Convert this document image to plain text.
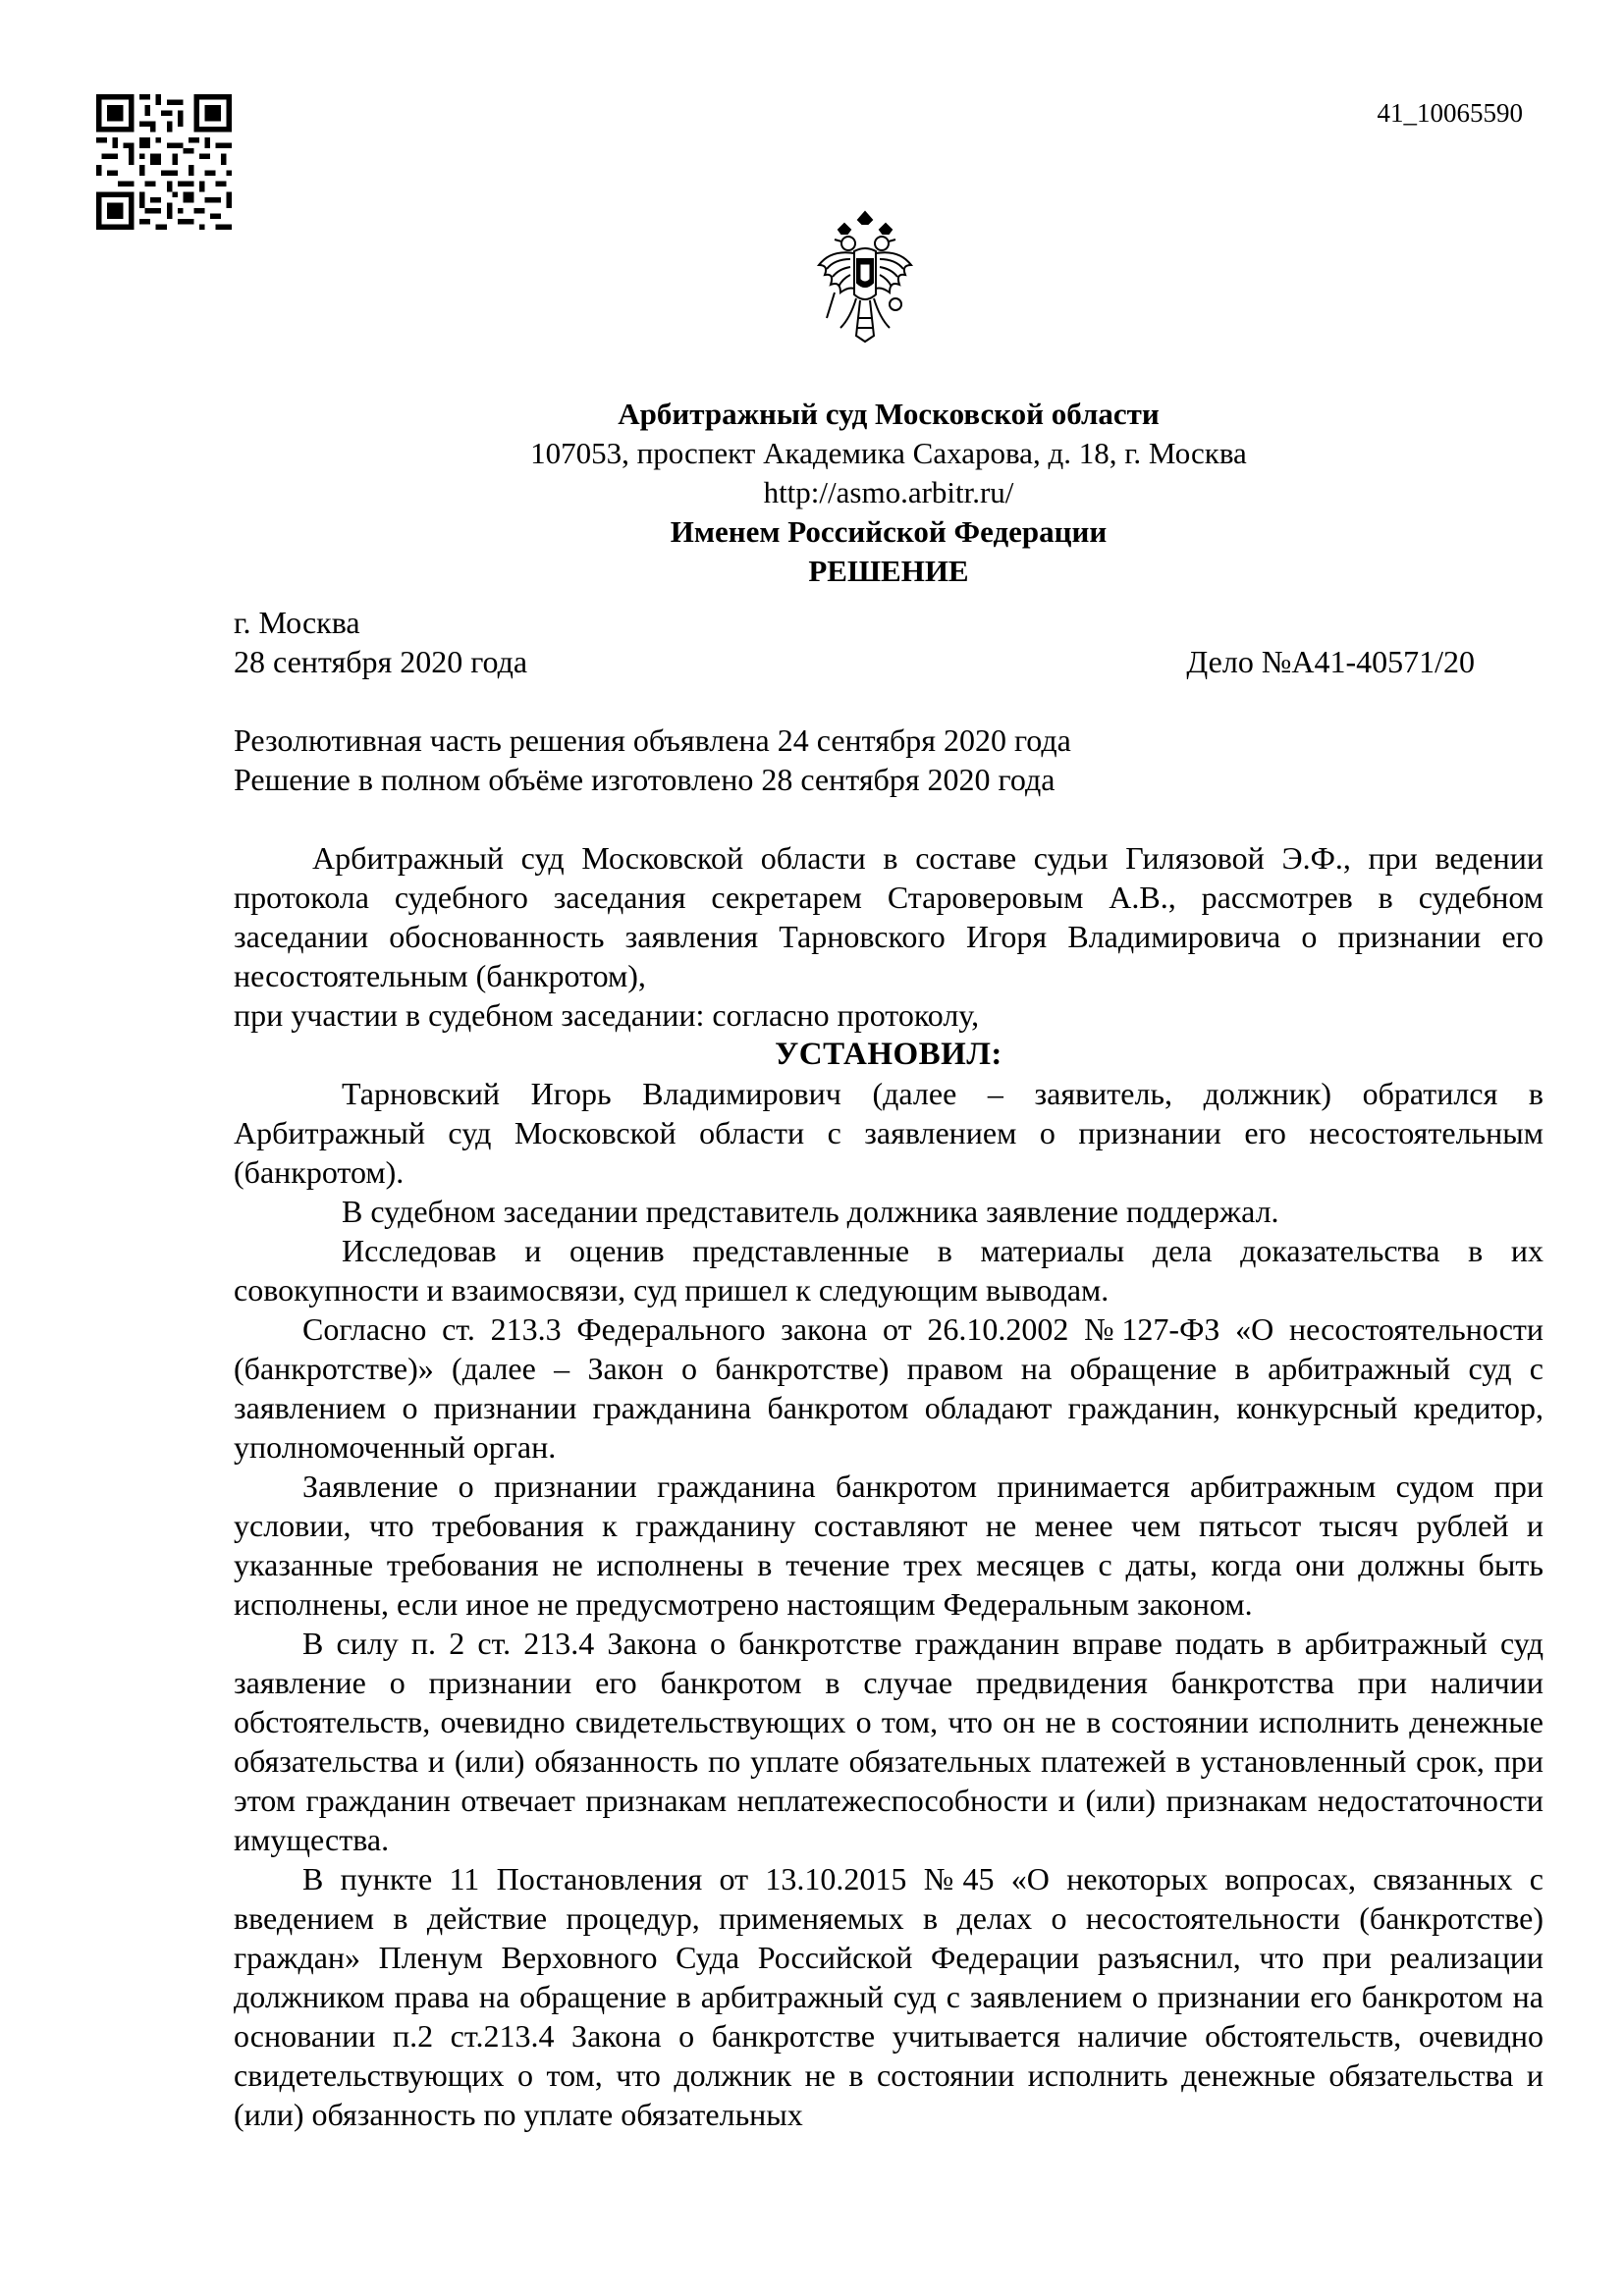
41_10065590
Арбитражный суд Московской области
107053, проспект Академика Сахарова, д. 18, г. Москва
http://asmo.arbitr.ru/
Именем Российской Федерации
РЕШЕНИЕ
г. Москва
28 сентября 2020 года	Дело №А41-40571/20
Резолютивная часть решения объявлена 24 сентября 2020 года
Решение в полном объёме изготовлено 28 сентября 2020 года

Арбитражный суд Московской области в составе судьи Гилязовой Э.Ф., при ведении протокола судебного заседания секретарем Староверовым А.В., рассмотрев в судебном заседании обоснованность заявления Тарновского Игоря Владимировича о признании его несостоятельным (банкротом),

при участии в судебном заседании: согласно протоколу,

УСТАНОВИЛ:

Тарновский Игорь Владимирович (далее – заявитель, должник) обратился в Арбитражный суд Московской области с заявлением о признании его несостоятельным (банкротом).

В судебном заседании представитель должника заявление поддержал.

Исследовав и оценив представленные в материалы дела доказательства в их совокупности и взаимосвязи, суд пришел к следующим выводам.

Согласно ст. 213.3 Федерального закона от 26.10.2002 №127-ФЗ «О несостоятельности (банкротстве)» (далее – Закон о банкротстве) правом на обращение в арбитражный суд с заявлением о признании гражданина банкротом обладают гражданин, конкурсный кредитор, уполномоченный орган.

Заявление о признании гражданина банкротом принимается арбитражным судом при условии, что требования к гражданину составляют не менее чем пятьсот тысяч рублей и указанные требования не исполнены в течение трех месяцев с даты, когда они должны быть исполнены, если иное не предусмотрено настоящим Федеральным законом.

В силу п. 2 ст. 213.4 Закона о банкротстве гражданин вправе подать в арбитражный суд заявление о признании его банкротом в случае предвидения банкротства при наличии обстоятельств, очевидно свидетельствующих о том, что он не в состоянии исполнить денежные обязательства и (или) обязанность по уплате обязательных платежей в установленный срок, при этом гражданин отвечает признакам неплатежеспособности и (или) признакам недостаточности имущества.

В пункте 11 Постановления от 13.10.2015 №45 «О некоторых вопросах, связанных с введением в действие процедур, применяемых в делах о несостоятельности (банкротстве) граждан» Пленум Верховного Суда Российской Федерации разъяснил, что при реализации должником права на обращение в арбитражный суд с заявлением о признании его банкротом на основании п.2 ст.213.4 Закона о банкротстве учитывается наличие обстоятельств, очевидно свидетельствующих о том, что должник не в состоянии исполнить денежные обязательства и (или) обязанность по уплате обязательных
